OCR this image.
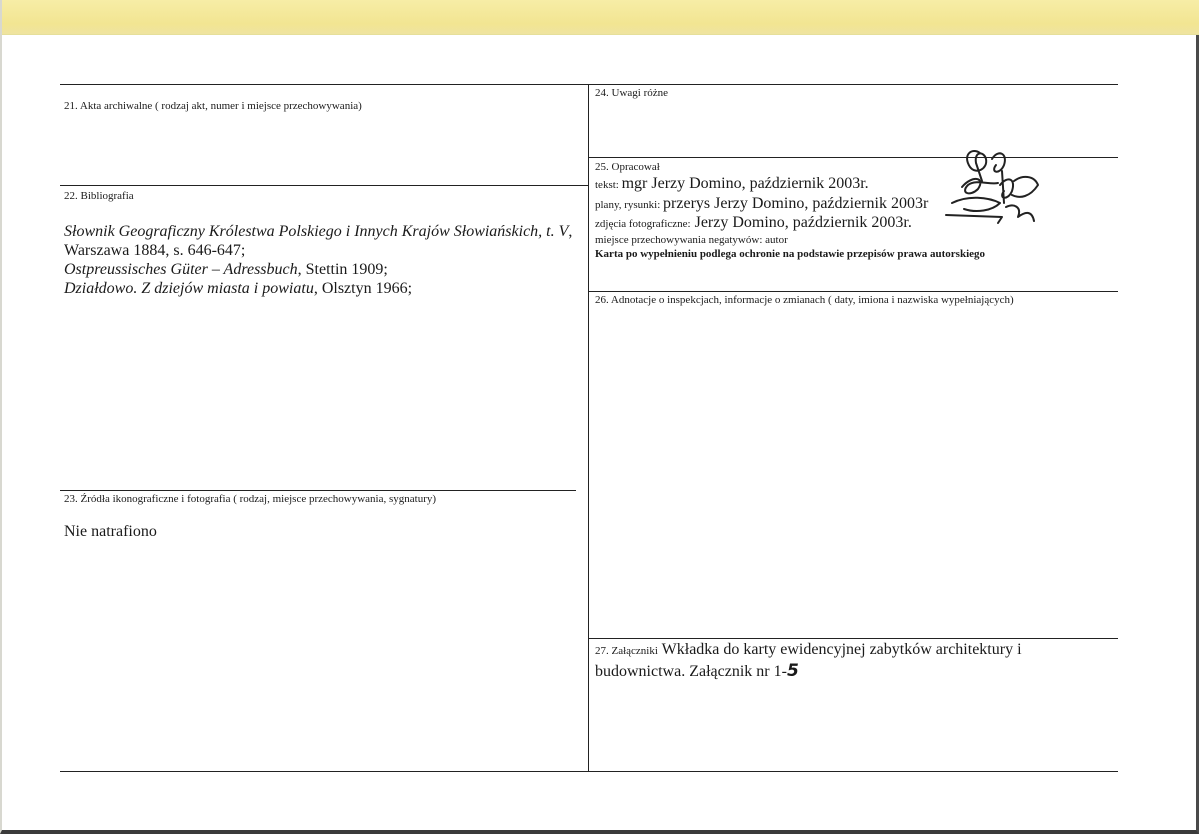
21. Akta archiwalne ( rodzaj akt, numer i miejsce przechowywania)
22. Bibliografia
Słownik Geograficzny Królestwa Polskiego i Innych Krajów Słowiańskich, t. V, Warszawa 1884, s. 646-647;
Ostpreussisches Güter – Adressbuch, Stettin 1909;
Działdowo. Z dziejów miasta i powiatu, Olsztyn 1966;
23. Źródła ikonograficzne i fotografia ( rodzaj, miejsce przechowywania, sygnatury)
Nie natrafiono
24. Uwagi różne
25. Opracował
tekst: mgr Jerzy Domino, październik 2003r.
plany, rysunki: przerys Jerzy Domino, październik 2003r
zdjęcia fotograficzne: Jerzy Domino, październik 2003r.
miejsce przechowywania negatywów: autor
Karta po wypełnieniu podlega ochronie na podstawie przepisów prawa autorskiego
26. Adnotacje o inspekcjach, informacje o zmianach ( daty, imiona i nazwiska wypełniających)
27. Załączniki Wkładka do karty ewidencyjnej zabytków architektury i budownictwa. Załącznik nr 1-5
